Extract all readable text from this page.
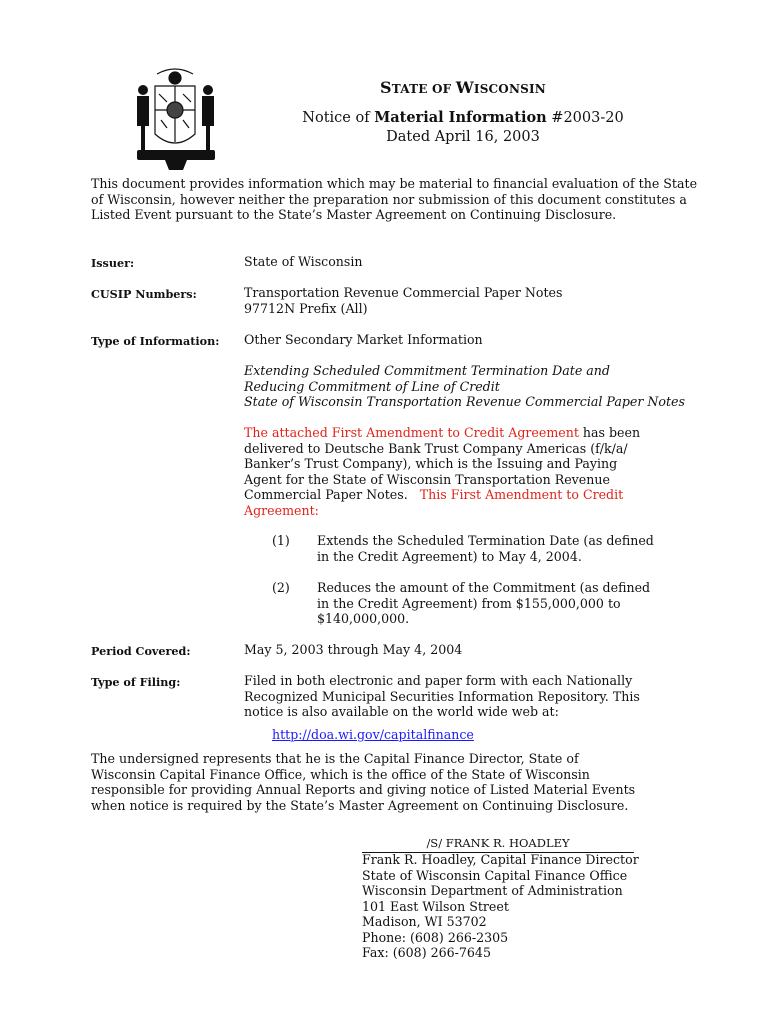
STATE OF WISCONSIN
Notice of Material Information #2003-20
Dated April 16, 2003
This document provides information which may be material to financial evaluation of the State of Wisconsin, however neither the preparation nor submission of this document constitutes a Listed Event pursuant to the State’s Master Agreement on Continuing Disclosure.
Issuer:	State of Wisconsin
CUSIP Numbers:	Transportation Revenue Commercial Paper Notes
97712N Prefix (All)
Type of Information: Other Secondary Market Information
Extending Scheduled Commitment Termination Date and
Reducing Commitment of Line of Credit
State of Wisconsin Transportation Revenue Commercial Paper Notes
The attached First Amendment to Credit Agreement has been
delivered to Deutsche Bank Trust Company Americas (f/k/a/
Banker’s Trust Company), which is the Issuing and Paying
Agent for the State of Wisconsin Transportation Revenue
Commercial Paper Notes. This First Amendment to Credit
Agreement:
(1)	Extends the Scheduled Termination Date (as defined
in the Credit Agreement) to May 4, 2004.
(2)	Reduces the amount of the Commitment (as defined
in the Credit Agreement) from $155,000,000 to
$140,000,000.
Period Covered:	May 5, 2003 through May 4, 2004
Type of Filing:	Filed in both electronic and paper form with each Nationally
Recognized Municipal Securities Information Repository. This
notice is also available on the world wide web at:
http://doa.wi.gov/capitalfinance
The undersigned represents that he is the Capital Finance Director, State of
Wisconsin Capital Finance Office, which is the office of the State of Wisconsin
responsible for providing Annual Reports and giving notice of Listed Material Events
when notice is required by the State’s Master Agreement on Continuing Disclosure.
/S/ FRANK R. HOADLEY
Frank R. Hoadley, Capital Finance Director
State of Wisconsin Capital Finance Office
Wisconsin Department of Administration
101 East Wilson Street
Madison, WI 53702
Phone: (608) 266-2305
Fax: (608) 266-7645
